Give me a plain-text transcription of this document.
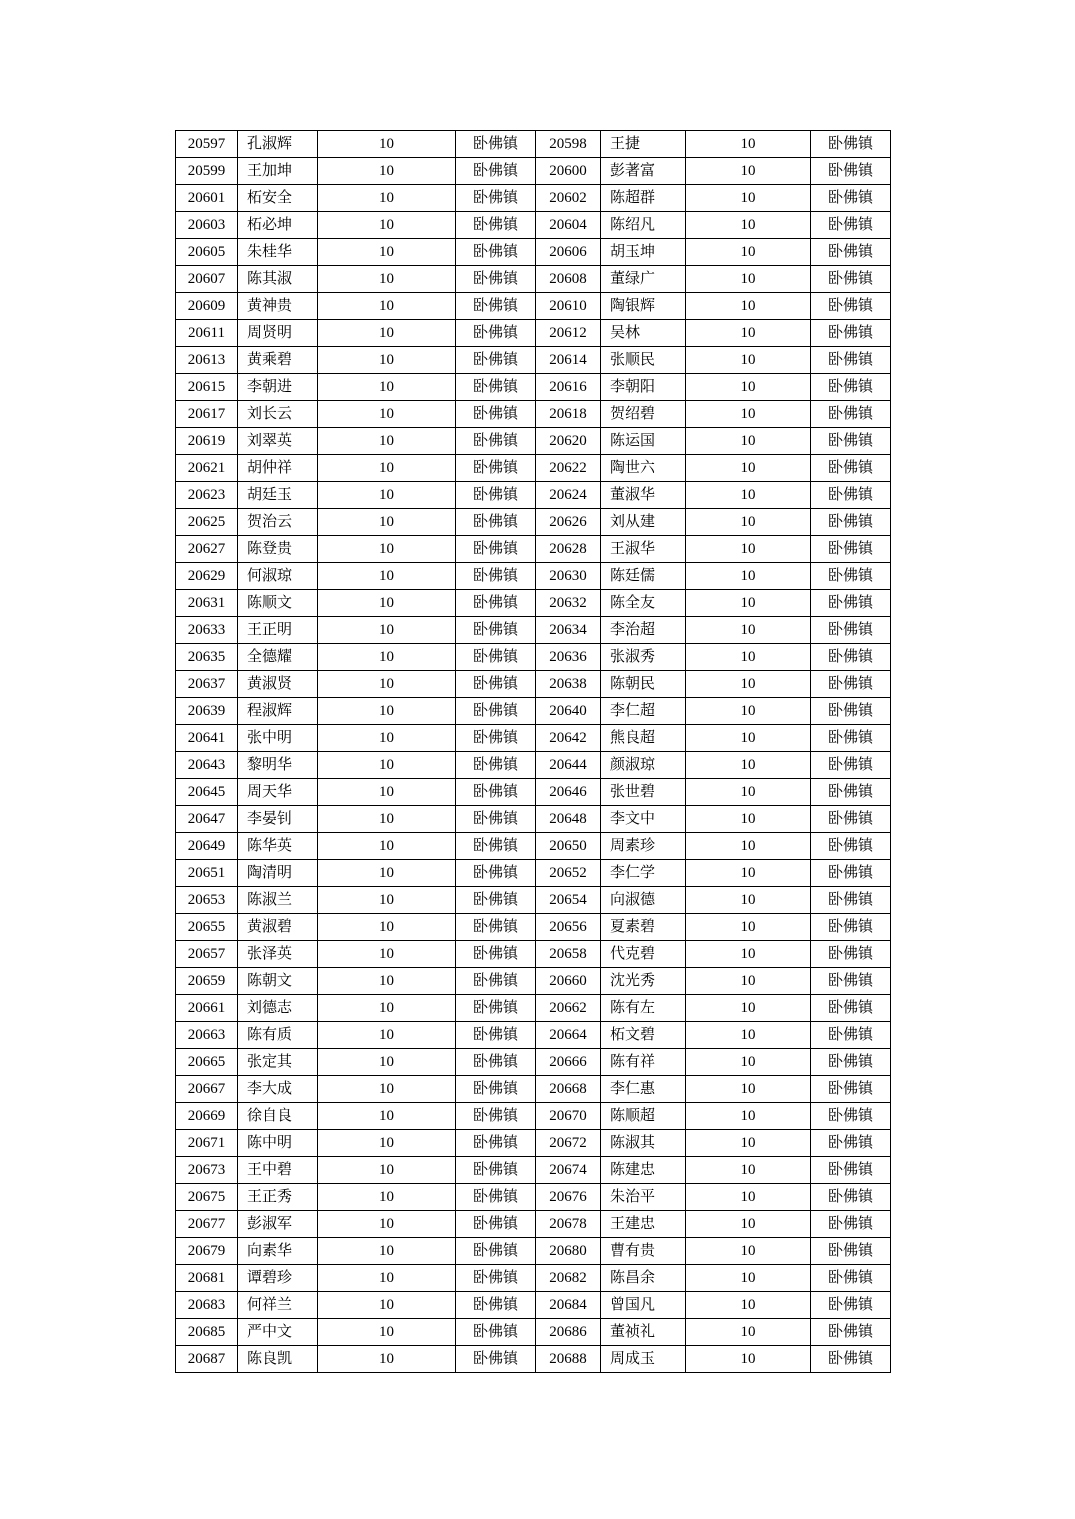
20597	孔淑辉	10	卧佛镇	20598	王捷	10	卧佛镇
20599	王加坤	10	卧佛镇	20600	彭著富	10	卧佛镇
20601	柘安全	10	卧佛镇	20602	陈超群	10	卧佛镇
20603	柘必坤	10	卧佛镇	20604	陈绍凡	10	卧佛镇
20605	朱桂华	10	卧佛镇	20606	胡玉坤	10	卧佛镇
20607	陈其淑	10	卧佛镇	20608	董绿广	10	卧佛镇
20609	黄神贵	10	卧佛镇	20610	陶银辉	10	卧佛镇
20611	周贤明	10	卧佛镇	20612	吴林	10	卧佛镇
20613	黄乘碧	10	卧佛镇	20614	张顺民	10	卧佛镇
20615	李朝进	10	卧佛镇	20616	李朝阳	10	卧佛镇
20617	刘长云	10	卧佛镇	20618	贺绍碧	10	卧佛镇
20619	刘翠英	10	卧佛镇	20620	陈运国	10	卧佛镇
20621	胡仲祥	10	卧佛镇	20622	陶世六	10	卧佛镇
20623	胡廷玉	10	卧佛镇	20624	董淑华	10	卧佛镇
20625	贺治云	10	卧佛镇	20626	刘从建	10	卧佛镇
20627	陈登贵	10	卧佛镇	20628	王淑华	10	卧佛镇
20629	何淑琼	10	卧佛镇	20630	陈廷儒	10	卧佛镇
20631	陈顺文	10	卧佛镇	20632	陈全友	10	卧佛镇
20633	王正明	10	卧佛镇	20634	李治超	10	卧佛镇
20635	全德耀	10	卧佛镇	20636	张淑秀	10	卧佛镇
20637	黄淑贤	10	卧佛镇	20638	陈朝民	10	卧佛镇
20639	程淑辉	10	卧佛镇	20640	李仁超	10	卧佛镇
20641	张中明	10	卧佛镇	20642	熊良超	10	卧佛镇
20643	黎明华	10	卧佛镇	20644	颜淑琼	10	卧佛镇
20645	周天华	10	卧佛镇	20646	张世碧	10	卧佛镇
20647	李晏钊	10	卧佛镇	20648	李文中	10	卧佛镇
20649	陈华英	10	卧佛镇	20650	周素珍	10	卧佛镇
20651	陶清明	10	卧佛镇	20652	李仁学	10	卧佛镇
20653	陈淑兰	10	卧佛镇	20654	向淑德	10	卧佛镇
20655	黄淑碧	10	卧佛镇	20656	夏素碧	10	卧佛镇
20657	张泽英	10	卧佛镇	20658	代克碧	10	卧佛镇
20659	陈朝文	10	卧佛镇	20660	沈光秀	10	卧佛镇
20661	刘德志	10	卧佛镇	20662	陈有左	10	卧佛镇
20663	陈有质	10	卧佛镇	20664	柘文碧	10	卧佛镇
20665	张定其	10	卧佛镇	20666	陈有祥	10	卧佛镇
20667	李大成	10	卧佛镇	20668	李仁惠	10	卧佛镇
20669	徐自良	10	卧佛镇	20670	陈顺超	10	卧佛镇
20671	陈中明	10	卧佛镇	20672	陈淑其	10	卧佛镇
20673	王中碧	10	卧佛镇	20674	陈建忠	10	卧佛镇
20675	王正秀	10	卧佛镇	20676	朱治平	10	卧佛镇
20677	彭淑军	10	卧佛镇	20678	王建忠	10	卧佛镇
20679	向素华	10	卧佛镇	20680	曹有贵	10	卧佛镇
20681	谭碧珍	10	卧佛镇	20682	陈昌余	10	卧佛镇
20683	何祥兰	10	卧佛镇	20684	曾国凡	10	卧佛镇
20685	严中文	10	卧佛镇	20686	董祯礼	10	卧佛镇
20687	陈良凯	10	卧佛镇	20688	周成玉	10	卧佛镇
